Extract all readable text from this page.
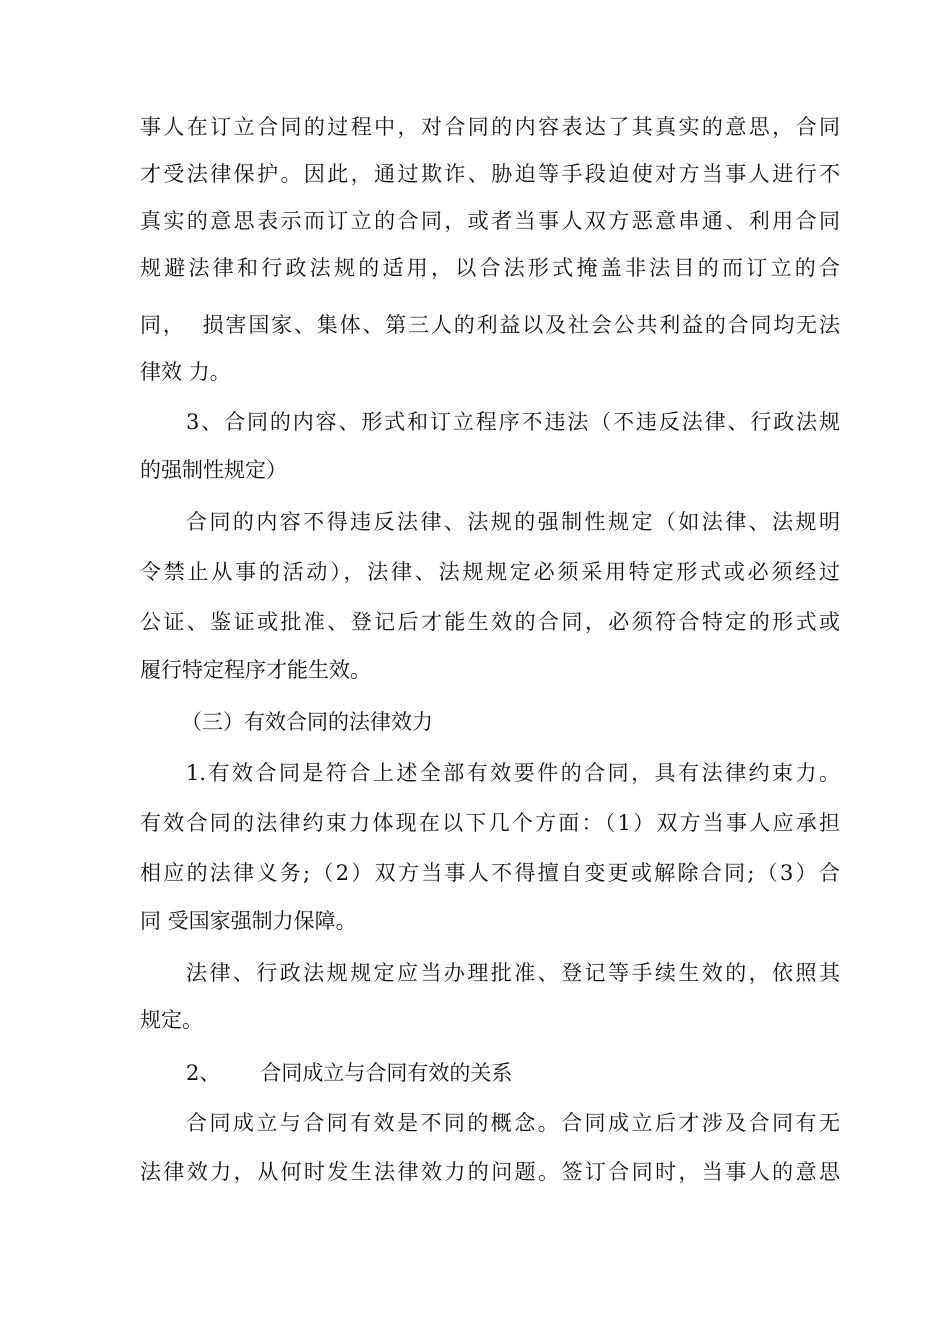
事人在订立合同的过程中，对合同的内容表达了其真实的意思，合同
才受法律保护。因此，通过欺诈、胁迫等手段迫使对方当事人进行不
真实的意思表示而订立的合同，或者当事人双方恶意串通、利用合同
规避法律和行政法规的适用，以合法形式掩盖非法目的而订立的合
同，  损害国家、集体、第三人的利益以及社会公共利益的合同均无法
律效 力。
3、合同的内容、形式和订立程序不违法（不违反法律、行政法规
的强制性规定）
合同的内容不得违反法律、法规的强制性规定（如法律、法规明
令禁止从事的活动），法律、法规规定必须采用特定形式或必须经过
公证、鉴证或批准、登记后才能生效的合同，必须符合特定的形式或
履行特定程序才能生效。
（三）有效合同的法律效力
1.有效合同是符合上述全部有效要件的合同，具有法律约束力。
有效合同的法律约束力体现在以下几个方面：（1）双方当事人应承担
相应的法律义务;（2）双方当事人不得擅自变更或解除合同;（3）合
同 受国家强制力保障。
法律、行政法规规定应当办理批准、登记等手续生效的，依照其
规定。
2、      合同成立与合同有效的关系
合同成立与合同有效是不同的概念。合同成立后才涉及合同有无
法律效力，从何时发生法律效力的问题。签订合同时，当事人的意思
